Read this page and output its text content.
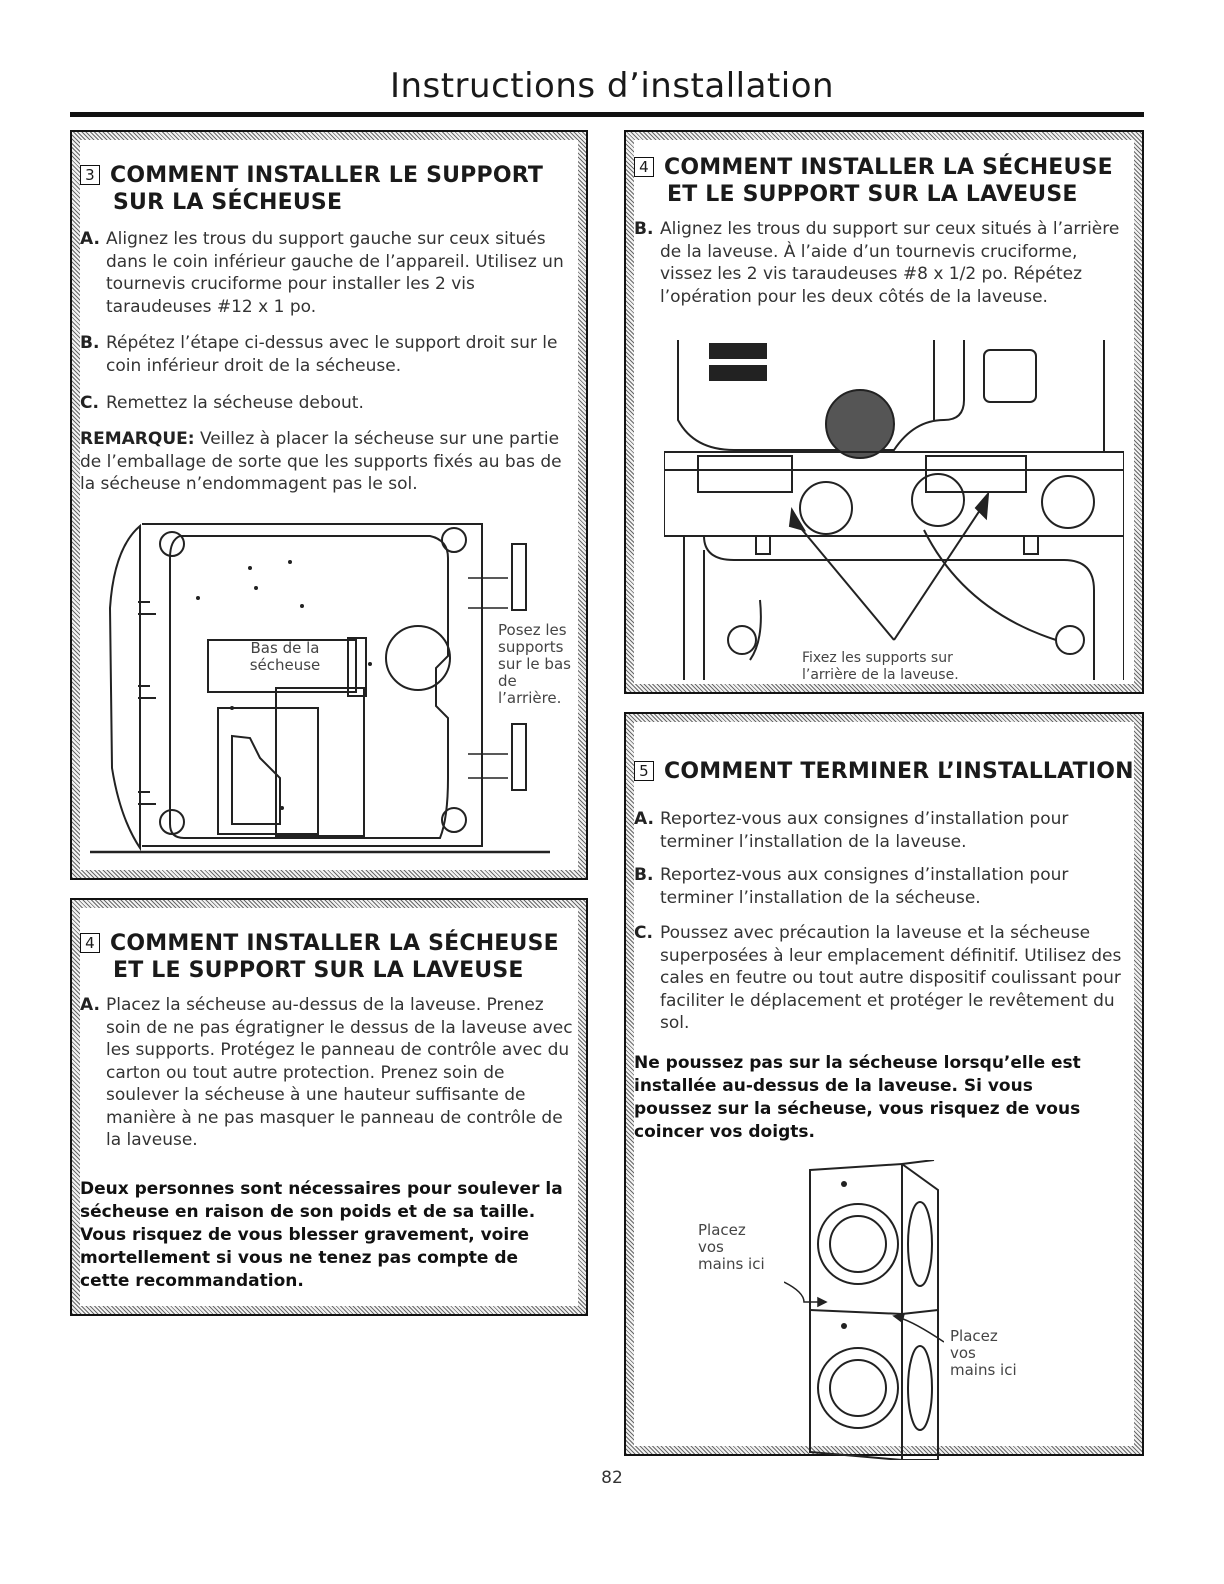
Instructions d’installation
3 COMMENT INSTALLER LE SUPPORT
SUR LA SÉCHEUSE
A. Alignez les trous du support gauche sur ceux situés dans le coin inférieur gauche de l’appareil. Utilisez un tournevis cruciforme pour installer les 2 vis taraudeuses #12 x 1 po.
B. Répétez l’étape ci-dessus avec le support droit sur le coin inférieur droit de la sécheuse.
C. Remettez la sécheuse debout.
REMARQUE: Veillez à placer la sécheuse sur une partie de l’emballage de sorte que les supports fixés au bas de la sécheuse n’endommagent pas le sol.
Bas de la sécheuse
Posez les supports sur le bas de l’arrière.
4 COMMENT INSTALLER LA SÉCHEUSE
ET LE SUPPORT SUR LA LAVEUSE
A. Placez la sécheuse au-dessus de la laveuse. Prenez soin de ne pas égratigner le dessus de la laveuse avec les supports. Protégez le panneau de contrôle avec du carton ou tout autre protection. Prenez soin de soulever la sécheuse à une hauteur suffisante de manière à ne pas masquer le panneau de contrôle de la laveuse.
Deux personnes sont nécessaires pour soulever la sécheuse en raison de son poids et de sa taille. Vous risquez de vous blesser gravement, voire mortellement si vous ne tenez pas compte de cette recommandation.
4 COMMENT INSTALLER LA SÉCHEUSE
ET LE SUPPORT SUR LA LAVEUSE
B. Alignez les trous du support sur ceux situés à l’arrière de la laveuse. À l’aide d’un tournevis cruciforme, vissez les 2 vis taraudeuses #8 x 1/2 po. Répétez l’opération pour les deux côtés de la laveuse.
Fixez les supports sur l’arrière de la laveuse.
5 COMMENT TERMINER L’INSTALLATION
A. Reportez-vous aux consignes d’installation pour terminer l’installation de la laveuse.
B. Reportez-vous aux consignes d’installation pour terminer l’installation de la sécheuse.
C. Poussez avec précaution la laveuse et la sécheuse superposées à leur emplacement définitif. Utilisez des cales en feutre ou tout autre dispositif coulissant pour faciliter le déplacement et protéger le revêtement du sol.
Ne poussez pas sur la sécheuse lorsqu’elle est installée au-dessus de la laveuse. Si vous poussez sur la sécheuse, vous risquez de vous coincer vos doigts.
Placez vos mains ici
Placez vos mains ici
82
